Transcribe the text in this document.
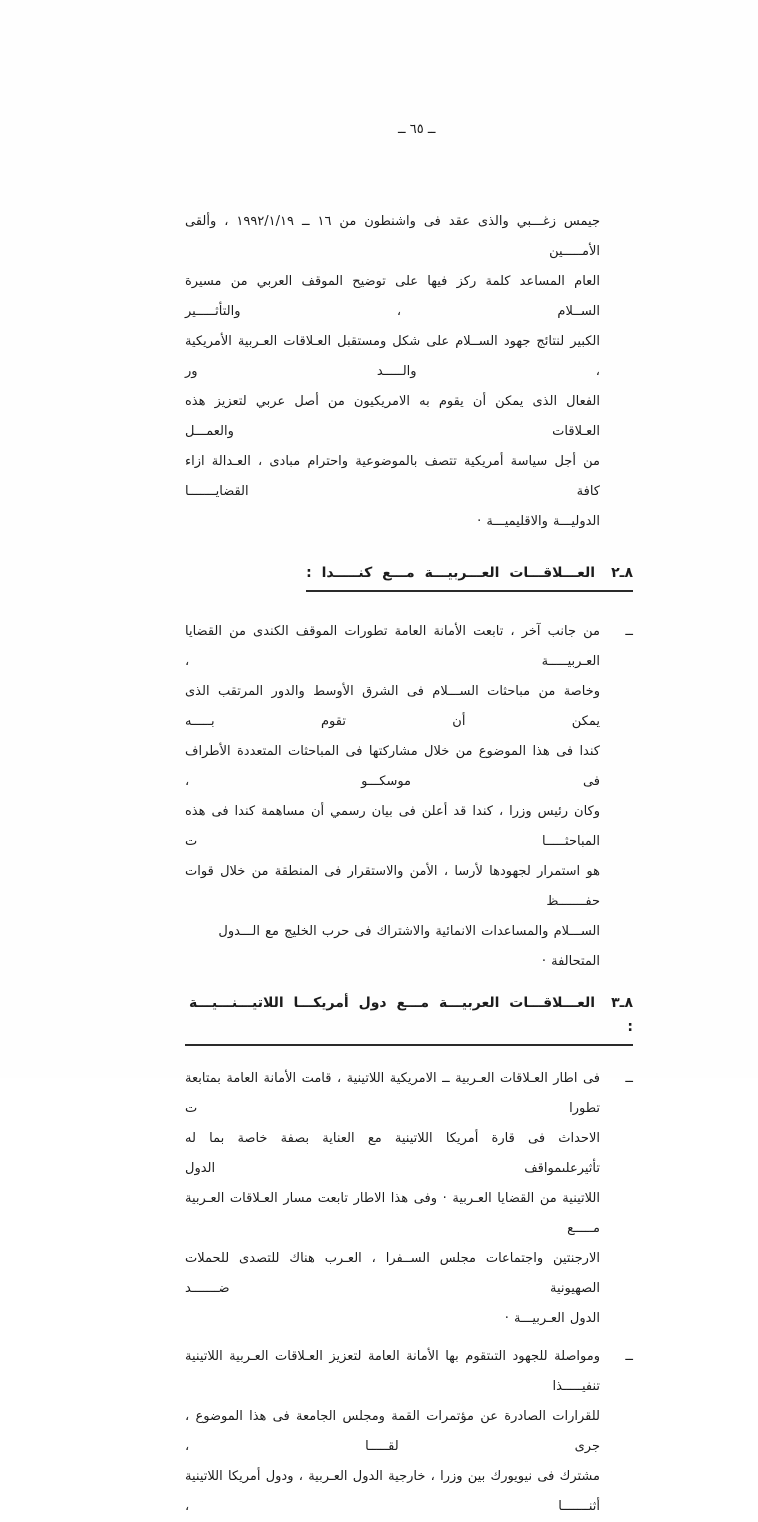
ــ ٦٥ ــ
جيمس زغـــبي والذى عقد فى واشنطون من ١٦ ــ ١٩٩٢/١/١٩ ، وألقى الأمـــــين
العام المساعد كلمة ركز فيها على توضيح الموقف العربي من مسيرة الســلام ، والتأثـــــير
الكبير لنتائج جهود الســلام على شكل ومستقبل العـلاقات العـربية الأمريكية ، والـــــد ور
الفعال الذى يمكن أن يقوم به الامريكيون من أصل عربي لتعزيز هذه العـلاقات والعمـــل
من أجل سياسة أمريكية تتصف بالموضوعية واحترام مبادى ، العـدالة ازاء كافة القضايـــــــا
الدوليـــة والاقليميـــة ·
٨ـ٢العـــلاقـــات العـــربيـــة مـــع كنـــــدا :
ــ
من جانب آخر ، تابعت الأمانة العامة تطورات الموقف الكندى من القضايا العـربيـــــة ،
وخاصة من مباحثات الســـلام فى الشرق الأوسط والدور المرتقب الذى يمكن أن تقوم بـــــه
كندا فى هذا الموضوع من خلال مشاركتها فى المباحثات المتعددة الأطراف فى موسكـــو ،
وكان رئيس وزرا ، كندا قد أعلن فى بيان رسمي أن مساهمة كندا فى هذه المباحثـــــا ت
هو استمرار لجهودها لأرسا ، الأمن والاستقرار فى المنطقة من خلال قوات حفـــــــظ
الســـلام والمساعدات الانمائية والاشتراك فى حرب الخليج مع الـــدول المتحالفة ·
٨ـ٣العـــلاقـــات العربيـــة مـــع دول أمريكـــا اللاتيـــنـــيـــة :
ــ
فى اطار العـلاقات العـربية ــ الامريكية اللاتينية ، قامت الأمانة العامة بمتابعة تطورا ت
الاحداث فى قارة أمريكا اللاتينية مع العناية بصفة خاصة بما له تأثيرعلىمواقف الدول
اللاتينية من القضايا العـربية · وفى هذا الاطار تابعت مسار العـلاقات العـربية مـــــع
الارجنتين واجتماعات مجلس الســفرا ، العـرب هناك للتصدى للحملات الصهيونية ضـــــــد
الدول العـربيـــة ·
ــ
ومواصلة للجهود التىتقوم بها الأمانة العامة لتعزيز العـلاقات العـربية اللاتينية تنفيـــــذا
للقرارات الصادرة عن مؤتمرات القمة ومجلس الجامعة فى هذا الموضوع ، جرى لقـــــا ،
مشترك فى نيويورك بين وزرا ، خارجية الدول العـربية ، ودول أمريكا اللاتينية أثنـــــــا ،
